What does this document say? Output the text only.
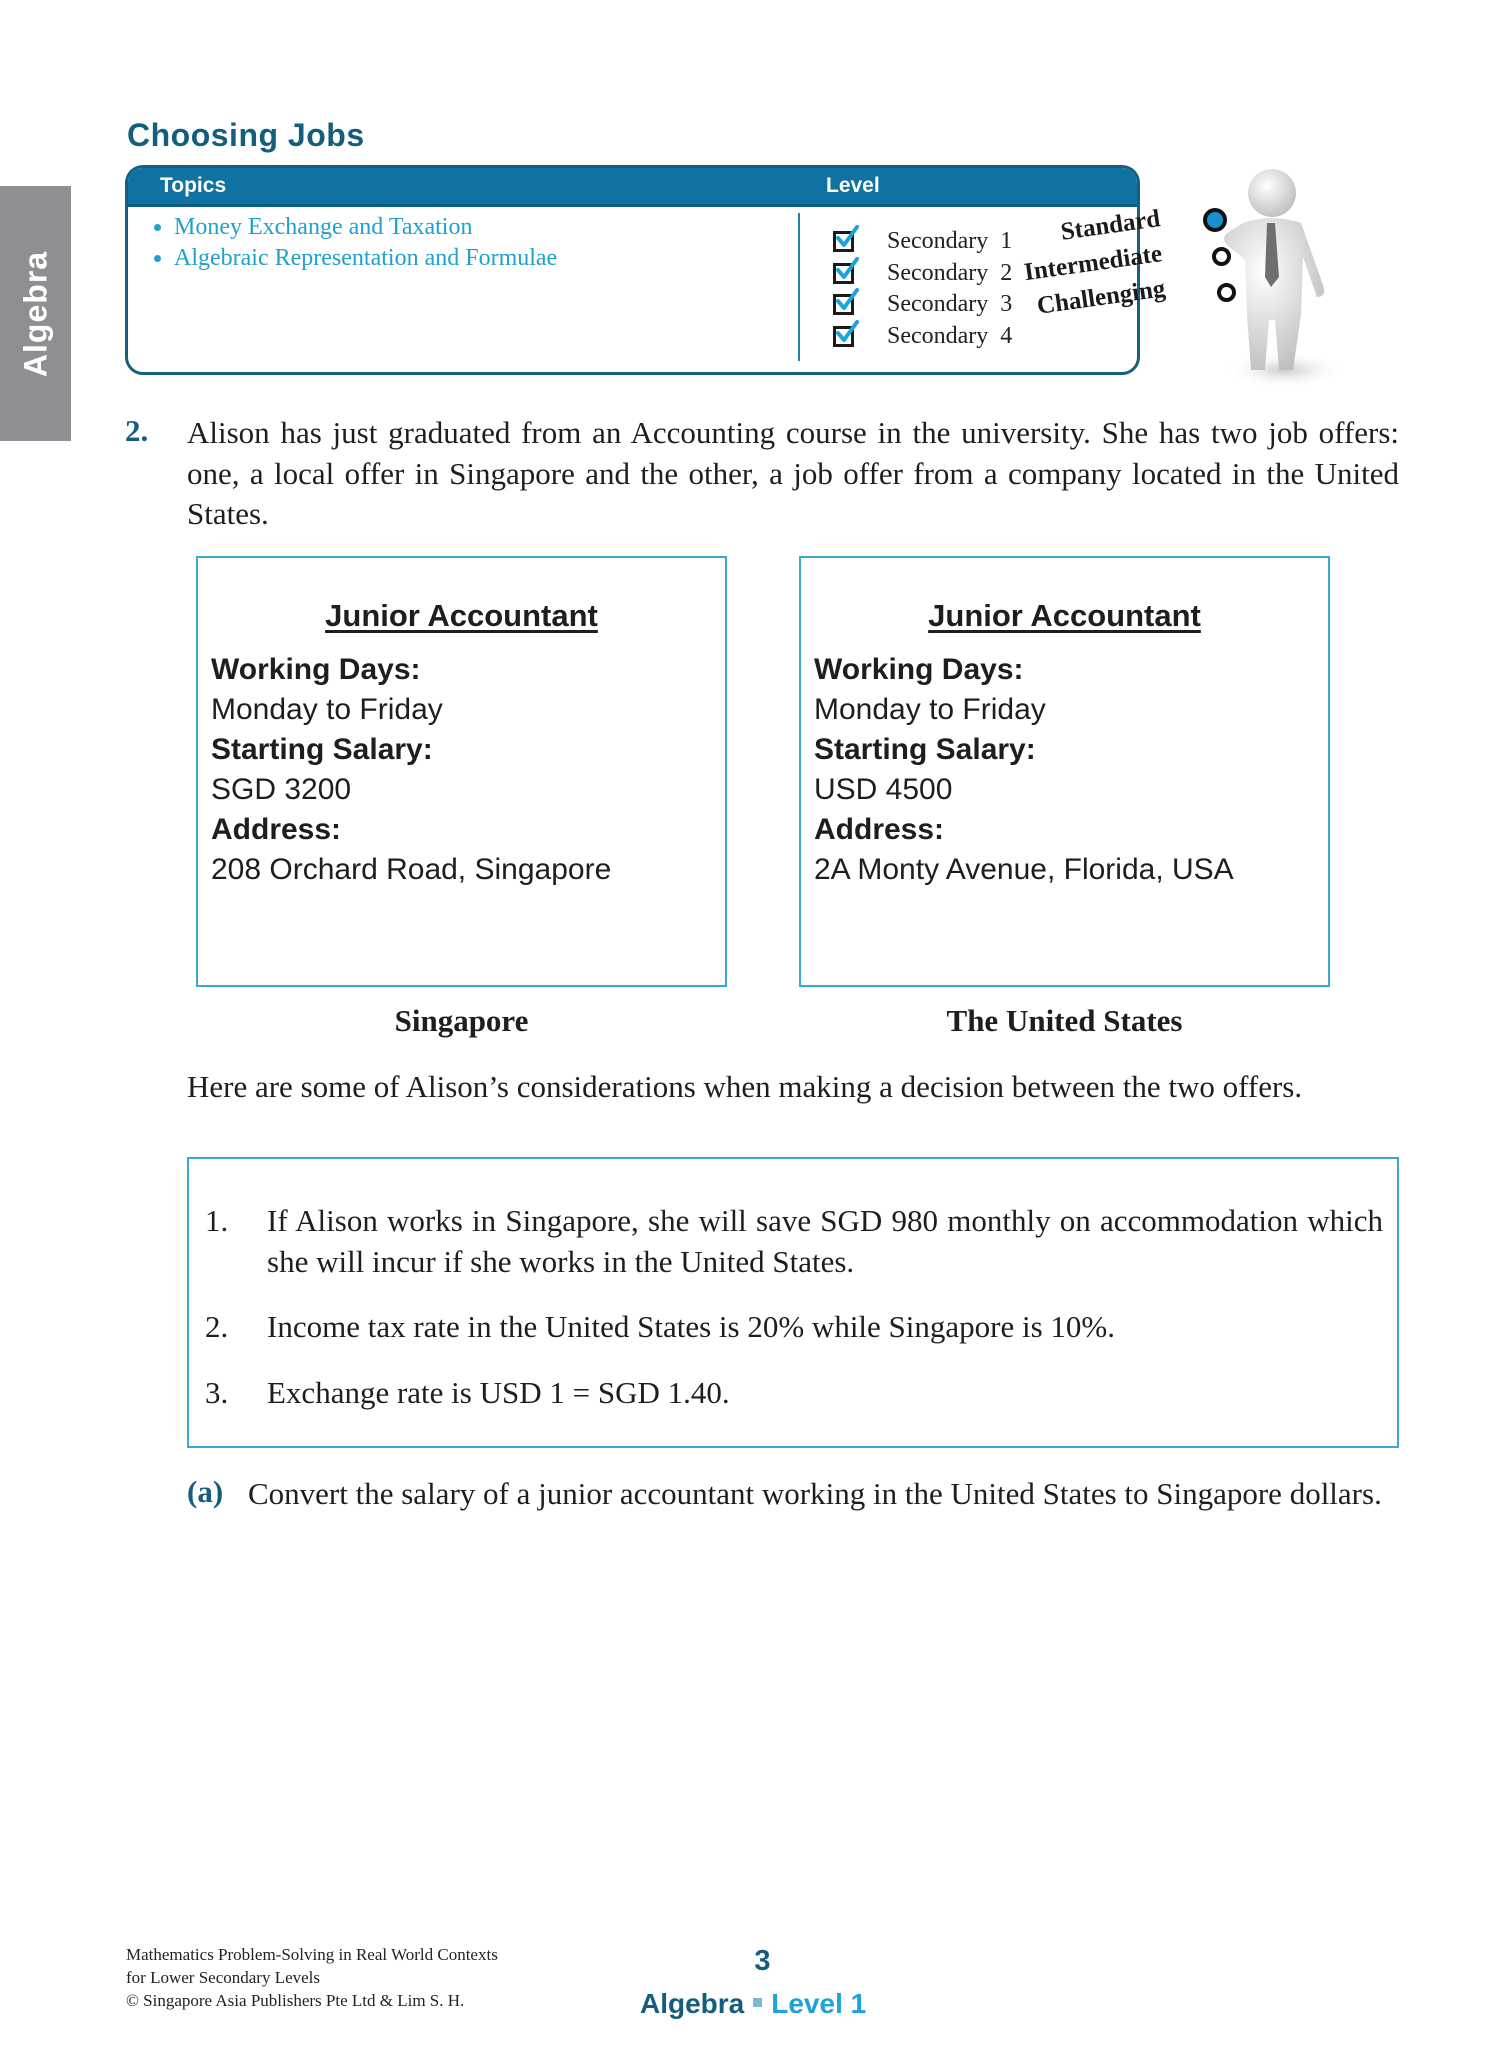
Algebra
Choosing Jobs
Topics	Level
Money Exchange and Taxation
Algebraic Representation and Formulae
Secondary 1
Secondary 2
Secondary 3
Secondary 4
Standard
Intermediate
Challenging
2. Alison has just graduated from an Accounting course in the university. She has two job offers: one, a local offer in Singapore and the other, a job offer from a company located in the United States.
Junior Accountant
Working Days:
Monday to Friday
Starting Salary:
SGD 3200
Address:
208 Orchard Road, Singapore
Junior Accountant
Working Days:
Monday to Friday
Starting Salary:
USD 4500
Address:
2A Monty Avenue, Florida, USA
Singapore	The United States
Here are some of Alison’s considerations when making a decision between the two offers.
1. If Alison works in Singapore, she will save SGD 980 monthly on accommodation which she will incur if she works in the United States.
2. Income tax rate in the United States is 20% while Singapore is 10%.
3. Exchange rate is USD 1 = SGD 1.40.
(a) Convert the salary of a junior accountant working in the United States to Singapore dollars.
Mathematics Problem-Solving in Real World Contexts
for Lower Secondary Levels
© Singapore Asia Publishers Pte Ltd & Lim S. H.
3
Algebra Level 1
